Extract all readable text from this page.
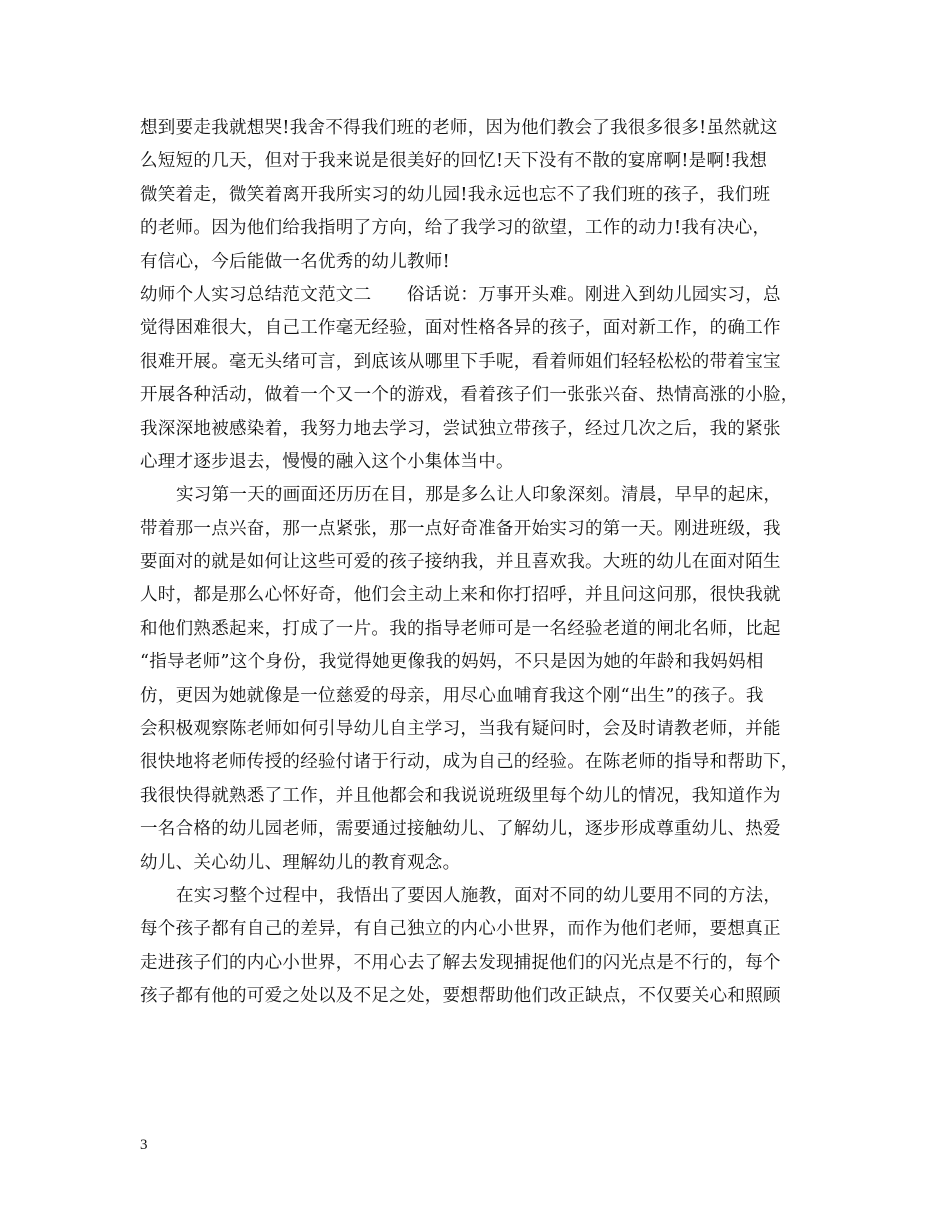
想到要走我就想哭!我舍不得我们班的老师，因为他们教会了我很多很多!虽然就这
么短短的几天，但对于我来说是很美好的回忆!天下没有不散的宴席啊!是啊!我想
微笑着走，微笑着离开我所实习的幼儿园!我永远也忘不了我们班的孩子，我们班
的老师。因为他们给我指明了方向，给了我学习的欲望，工作的动力!我有决心，
有信心，今后能做一名优秀的幼儿教师!
幼师个人实习总结范文范文二　　俗话说：万事开头难。刚进入到幼儿园实习，总
觉得困难很大，自己工作毫无经验，面对性格各异的孩子，面对新工作，的确工作
很难开展。毫无头绪可言，到底该从哪里下手呢，看着师姐们轻轻松松的带着宝宝
开展各种活动，做着一个又一个的游戏，看着孩子们一张张兴奋、热情高涨的小脸，
我深深地被感染着，我努力地去学习，尝试独立带孩子，经过几次之后，我的紧张
心理才逐步退去，慢慢的融入这个小集体当中。
实习第一天的画面还历历在目，那是多么让人印象深刻。清晨，早早的起床，
带着那一点兴奋，那一点紧张，那一点好奇准备开始实习的第一天。刚进班级，我
要面对的就是如何让这些可爱的孩子接纳我，并且喜欢我。大班的幼儿在面对陌生
人时，都是那么心怀好奇，他们会主动上来和你打招呼，并且问这问那，很快我就
和他们熟悉起来，打成了一片。我的指导老师可是一名经验老道的闸北名师，比起
“指导老师”这个身份，我觉得她更像我的妈妈，不只是因为她的年龄和我妈妈相
仿，更因为她就像是一位慈爱的母亲，用尽心血哺育我这个刚“出生”的孩子。我
会积极观察陈老师如何引导幼儿自主学习，当我有疑问时，会及时请教老师，并能
很快地将老师传授的经验付诸于行动，成为自己的经验。在陈老师的指导和帮助下，
我很快得就熟悉了工作，并且他都会和我说说班级里每个幼儿的情况，我知道作为
一名合格的幼儿园老师，需要通过接触幼儿、了解幼儿，逐步形成尊重幼儿、热爱
幼儿、关心幼儿、理解幼儿的教育观念。
在实习整个过程中，我悟出了要因人施教，面对不同的幼儿要用不同的方法，
每个孩子都有自己的差异，有自己独立的内心小世界，而作为他们老师，要想真正
走进孩子们的内心小世界，不用心去了解去发现捕捉他们的闪光点是不行的，每个
孩子都有他的可爱之处以及不足之处，要想帮助他们改正缺点，不仅要关心和照顾
3
